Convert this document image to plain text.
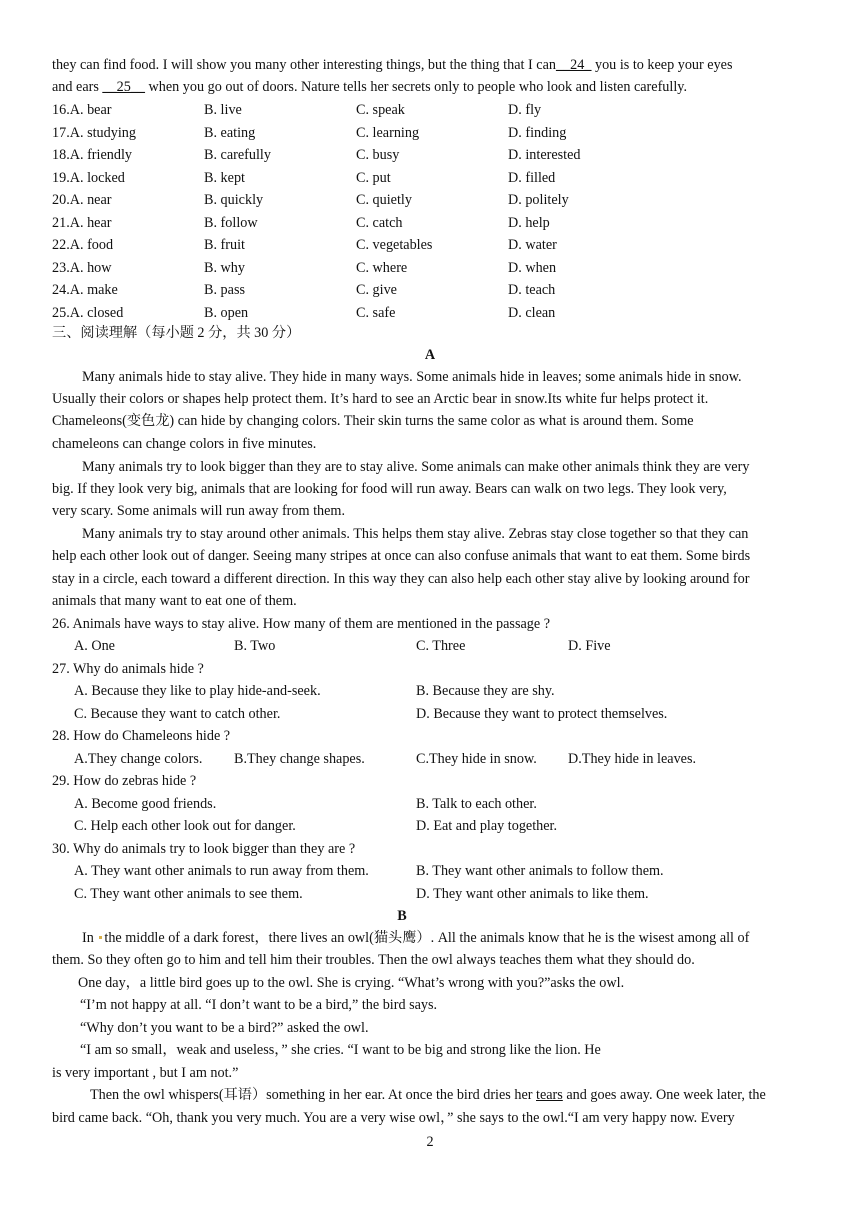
they can find food. I will show you many other interesting things, but the thing that I can__24_ you is to keep your eyes
and ears __25__ when you go out of doors. Nature tells her secrets only to people who look and listen carefully.
16.A. bear	B. live	C. speak	D. fly
17.A. studying	B. eating	C. learning	D. finding
18.A. friendly	B. carefully	C. busy	D. interested
19.A. locked	B. kept	C. put	D. filled
20.A. near	B. quickly	C. quietly	D. politely
21.A. hear	B. follow	C. catch	D. help
22.A. food	B. fruit	C. vegetables	D. water
23.A. how	B. why	C. where	D. when
24.A. make	B. pass	C. give	D. teach
25.A. closed	B. open	C. safe	D. clean
三、阅读理解（每小题 2 分，共 30 分）
A
Many animals hide to stay alive. They hide in many ways. Some animals hide in leaves; some animals hide in snow.
Usually their colors or shapes help protect them. It’s hard to see an Arctic bear in snow.Its white fur helps protect it.
Chameleons(变色龙) can hide by changing colors. Their skin turns the same color as what is around them. Some
chameleons can change colors in five minutes.
Many animals try to look bigger than they are to stay alive. Some animals can make other animals think they are very
big. If they look very big, animals that are looking for food will run away. Bears can walk on two legs. They look very,
very scary. Some animals will run away from them.
Many animals try to stay around other animals. This helps them stay alive. Zebras stay close together so that they can
help each other look out of danger. Seeing many stripes at once can also confuse animals that want to eat them. Some birds
stay in a circle, each toward a different direction. In this way they can also help each other stay alive by looking around for
animals that many want to eat one of them.
26. Animals have ways to stay alive. How many of them are mentioned in the passage ?
A. One	B. Two	C. Three	D. Five
27. Why do animals hide ?
A. Because they like to play hide-and-seek.	B. Because they are shy.
C. Because they want to catch other.	D. Because they want to protect themselves.
28. How do Chameleons hide ?
A.They change colors. B.They change shapes.	C.They hide in snow. D.They hide in leaves.
29. How do zebras hide ?
A. Become good friends.	B. Talk to each other.
C. Help each other look out for danger.	D. Eat and play together.
30. Why do animals try to look bigger than they are ?
A. They want other animals to run away from them.	B. They want other animals to follow them.
C. They want other animals to see them.	D. They want other animals to like them.
B
In the middle of a dark forest，there lives an owl(猫头鹰）. All the animals know that he is the wisest among all of
them. So they often go to him and tell him their troubles. Then the owl always teaches them what they should do.
One day，a little bird goes up to the owl. She is crying. “What’s wrong with you?”asks the owl.
“I’m not happy at all. “I don’t want to be a bird,” the bird says.
“Why don’t you want to be a bird?” asked the owl.
“I am so small，weak and useless，” she cries. “I want to be big and strong like the lion. He
is very important , but I am not.”
Then the owl whispers(耳语）something in her ear. At once the bird dries her tears and goes away. One week later, the
bird came back. “Oh, thank you very much. You are a very wise owl，” she says to the owl.“I am very happy now. Every
2
